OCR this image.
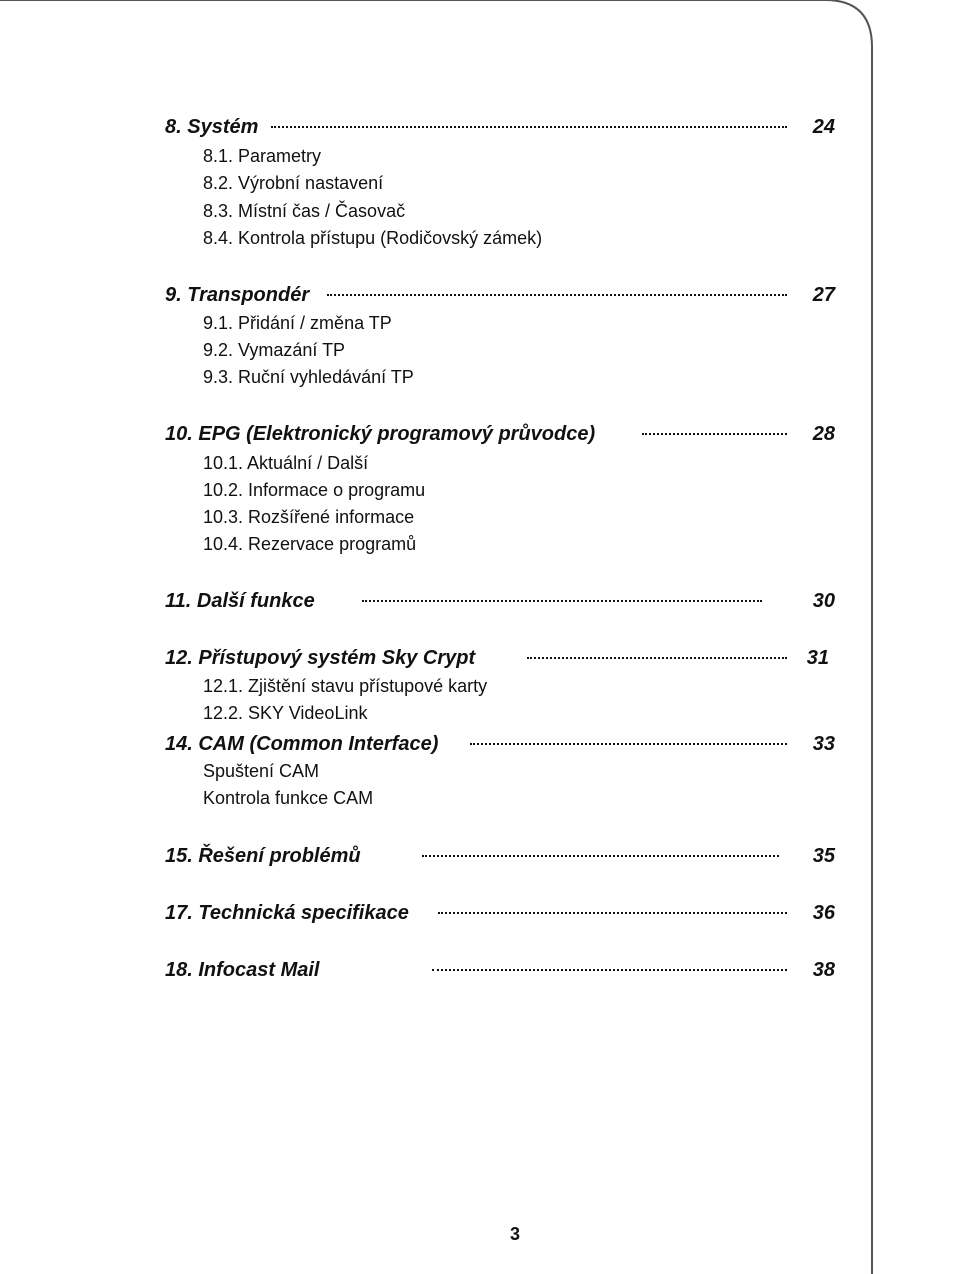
8. Systém	24
8.1. Parametry
8.2. Výrobní nastavení
8.3. Místní čas / Časovač
8.4. Kontrola přístupu (Rodičovský zámek)
9. Transpondér	27
9.1. Přidání / změna TP
9.2. Vymazání TP
9.3. Ruční vyhledávání TP
10. EPG (Elektronický programový průvodce)	28
10.1. Aktuální / Další
10.2. Informace o programu
10.3. Rozšířené informace
10.4. Rezervace programů
11. Další funkce	30
12. Přístupový systém Sky Crypt	31
12.1. Zjištění stavu přístupové karty
12.2. SKY VideoLink
14. CAM (Common Interface)	33
Spuštení CAM
Kontrola funkce CAM
15. Řešení problémů	35
17. Technická specifikace	36
18. Infocast Mail	38
3
